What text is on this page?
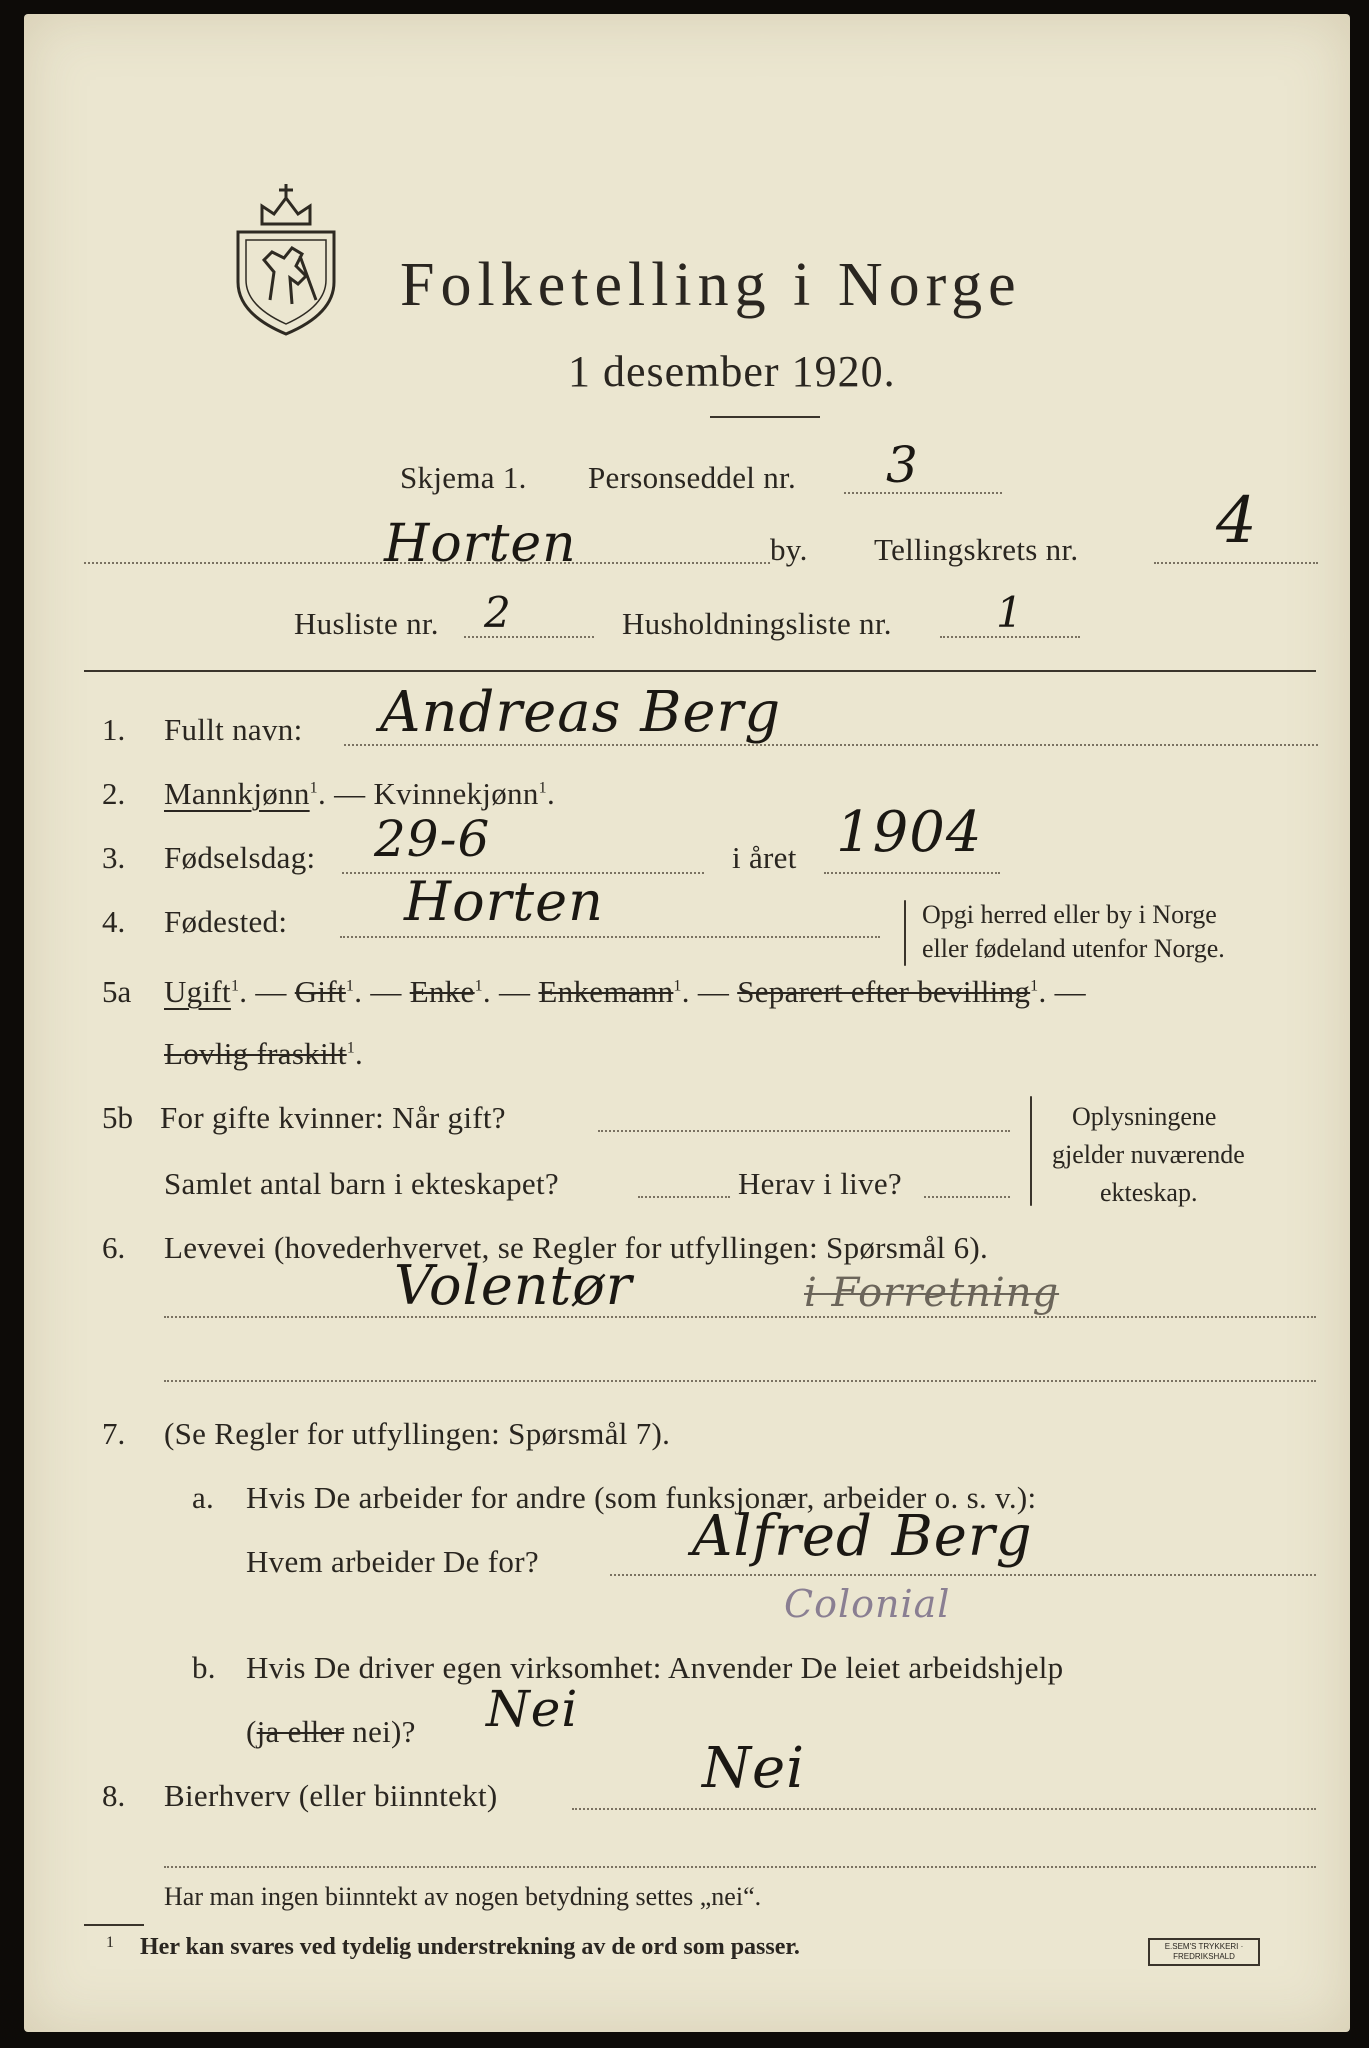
Folketelling i Norge
1 desember 1920.
Skjema 1. Personseddel nr. 3
Horten	by. Tellingskrets nr. 4
Husliste nr. 2	Husholdningsliste nr. 1
1. Fullt navn: Andreas Berg
2. Mannkjønn$^1$. — Kvinnekjønn$^1$.
3. Fødselsdag: 29-6	i året 1904
4. Fødested: Horten	Opgi herred eller by i Norge
eller fødeland utenfor Norge.
5a Ugift$^1$. — Gift$^1$. — Enke$^1$. — Enkemann$^1$. — Separert efter bevilling$^1$. —
Lovlig fraskilt$^1$.
5b For gifte kvinner: Når gift?
Samlet antal barn i ekteskapet?	Herav i live?
Oplysningene
gjelder nuværende
ekteskap.
6. Levevei (hovederhvervet, se Regler for utfyllingen: Spørsmål 6).
Volentør	i Forretning
7. (Se Regler for utfyllingen: Spørsmål 7).
a. Hvis De arbeider for andre (som funksjonær, arbeider o. s. v.):
Hvem arbeider De for?	Alfred Berg
Colonial
b. Hvis De driver egen virksomhet: Anvender De leiet arbeidshjelp
(ja eller nei)? Nei
8. Bierhverv (eller biinntekt)	Nei
Har man ingen biinntekt av nogen betydning settes „nei“.
1 Her kan svares ved tydelig understrekning av de ord som passer.	E.SEM'S TRYKKERI · FREDRIKSHALD
